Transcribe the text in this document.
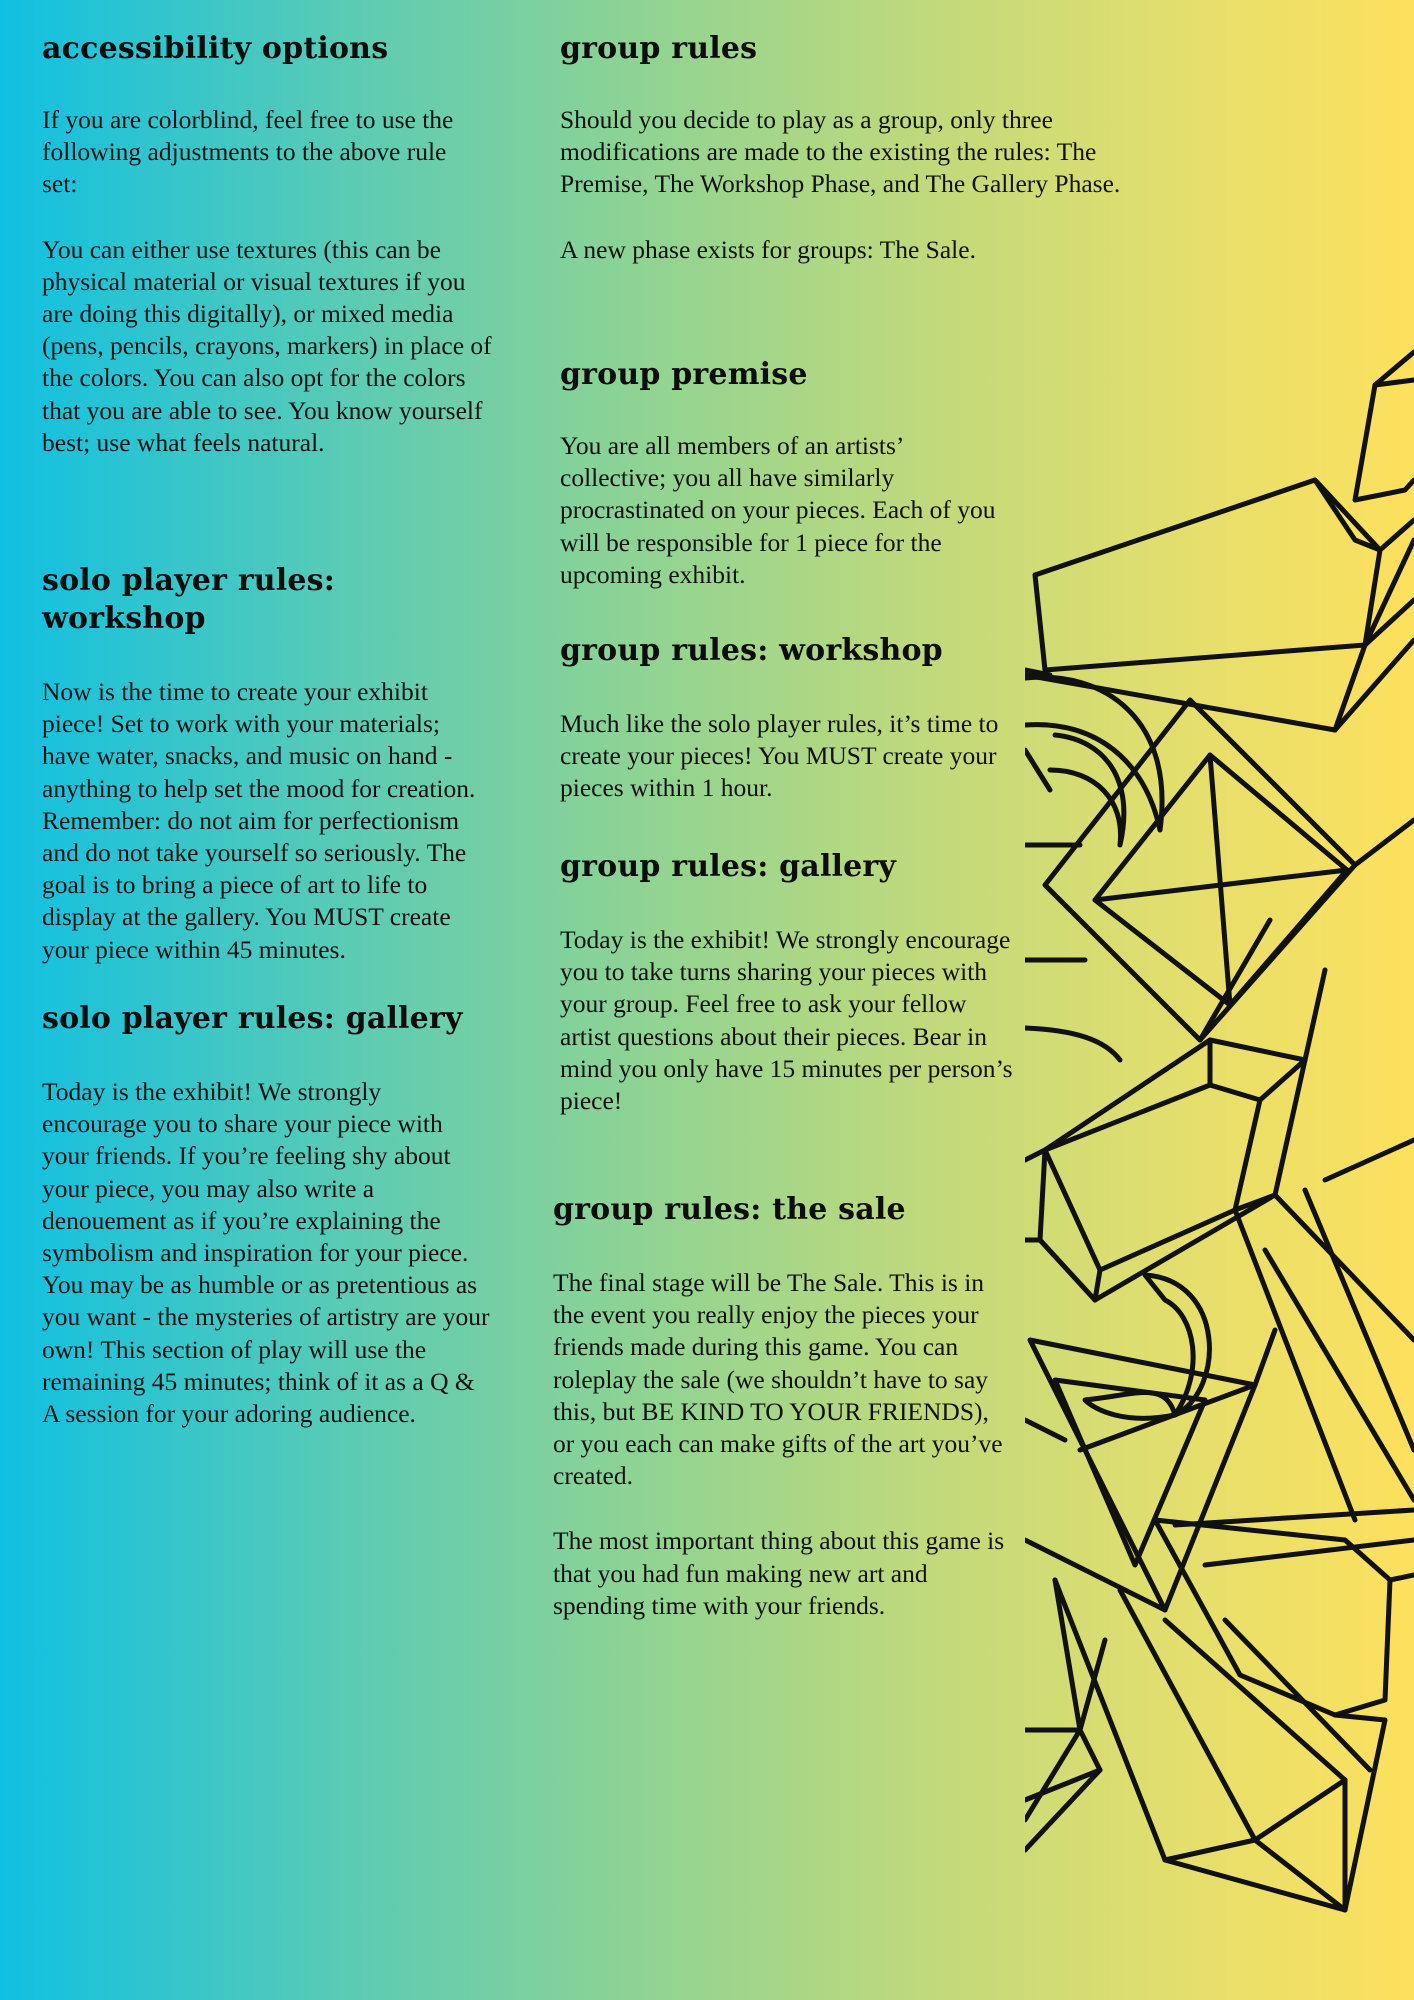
accessibility options

If you are colorblind, feel free to use the following adjustments to the above rule set:

You can either use textures (this can be physical material or visual textures if you are doing this digitally), or mixed media (pens, pencils, crayons, markers) in place of the colors. You can also opt for the colors that you are able to see. You know yourself best; use what feels natural.

solo player rules: workshop

Now is the time to create your exhibit piece! Set to work with your materials; have water, snacks, and music on hand - anything to help set the mood for creation. Remember: do not aim for perfectionism and do not take yourself so seriously. The goal is to bring a piece of art to life to display at the gallery. You MUST create your piece within 45 minutes.

solo player rules: gallery

Today is the exhibit! We strongly encourage you to share your piece with your friends. If you’re feeling shy about your piece, you may also write a denouement as if you’re explaining the symbolism and inspiration for your piece. You may be as humble or as pretentious as you want - the mysteries of artistry are your own! This section of play will use the remaining 45 minutes; think of it as a Q & A session for your adoring audience.

group rules

Should you decide to play as a group, only three modifications are made to the existing the rules: The Premise, The Workshop Phase, and The Gallery Phase.

A new phase exists for groups: The Sale.

group premise

You are all members of an artists’ collective; you all have similarly procrastinated on your pieces. Each of you will be responsible for 1 piece for the upcoming exhibit.

group rules: workshop

Much like the solo player rules, it’s time to create your pieces! You MUST create your pieces within 1 hour.

group rules: gallery

Today is the exhibit! We strongly encourage you to take turns sharing your pieces with your group. Feel free to ask your fellow artist questions about their pieces. Bear in mind you only have 15 minutes per person’s piece!

group rules: the sale

The final stage will be The Sale. This is in the event you really enjoy the pieces your friends made during this game. You can roleplay the sale (we shouldn’t have to say this, but BE KIND TO YOUR FRIENDS), or you each can make gifts of the art you’ve created.

The most important thing about this game is that you had fun making new art and spending time with your friends.
